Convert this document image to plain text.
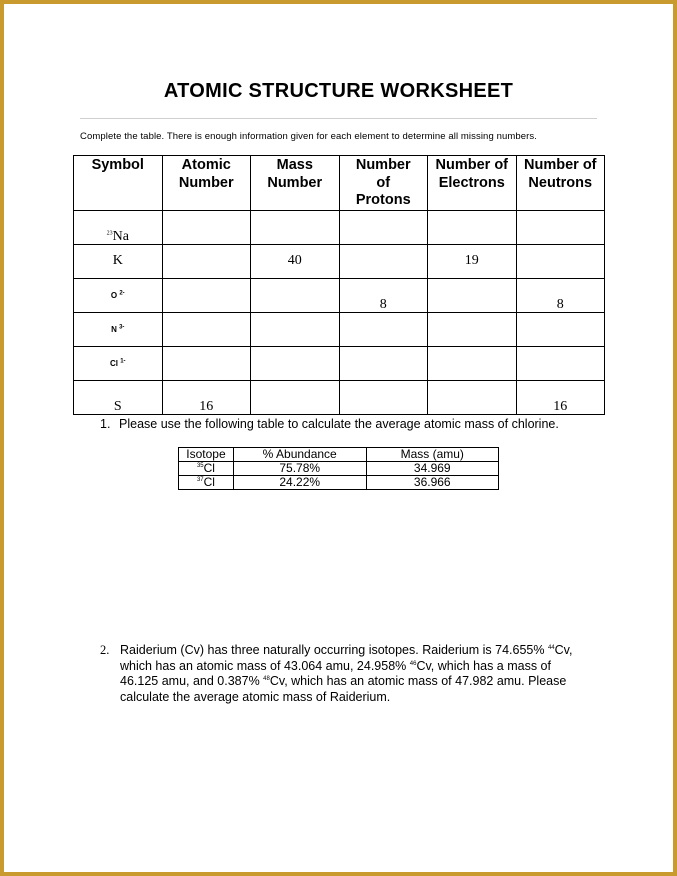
ATOMIC STRUCTURE WORKSHEET
Complete the table. There is enough information given for each element to determine all missing numbers.
Symbol	Atomic Number	Mass Number	Number of Protons	Number of Electrons	Number of Neutrons
$^{23}$Na					
K		40		19	
O $^{2-}$			8		8
N $^{3-}$					
Cl $^{1-}$					
S	16				16
1. Please use the following table to calculate the average atomic mass of chlorine.
Isotope	% Abundance	Mass (amu)
$^{35}$Cl	75.78%	34.969
$^{37}$Cl	24.22%	36.966
2. Raiderium (Cv) has three naturally occurring isotopes. Raiderium is 74.655% $^{44}$Cv, which has an atomic mass of 43.064 amu, 24.958% $^{46}$Cv, which has a mass of 46.125 amu, and 0.387% $^{48}$Cv, which has an atomic mass of 47.982 amu. Please calculate the average atomic mass of Raiderium.
